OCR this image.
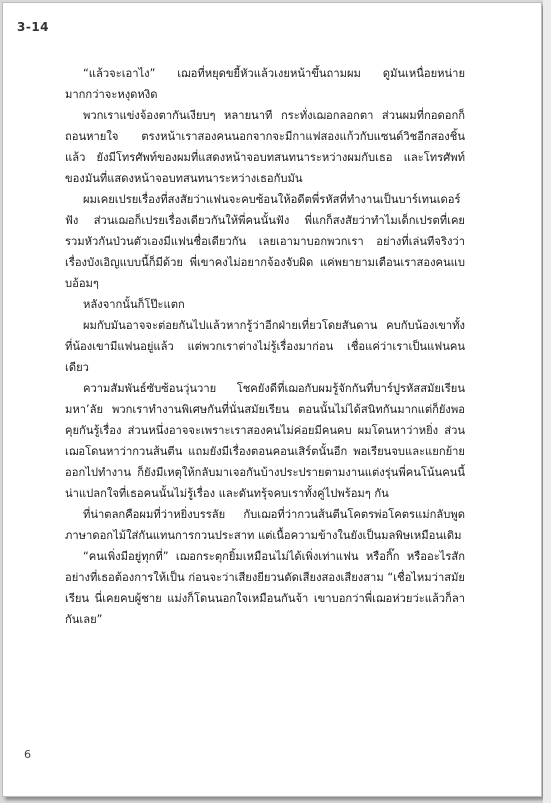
3-14

“แล้วจะเอาไง” เฌอที่หยุดขยี้หัวแล้วเงยหน้าขึ้นถามผม ดูมันเหนื่อยหน่ายมากกว่าจะหงุดหงิด

พวกเราแข่งจ้องตากันเงียบๆ หลายนาที กระทั่งเฌอกลอกตา ส่วนผมที่กอดอกก็ถอนหายใจ ตรงหน้าเราสองคนนอกจากจะมีกาแฟสองแก้วกับแซนด์วิชอีกสองชิ้นแล้ว ยังมีโทรศัพท์ของผมที่แสดงหน้าจอบทสนทนาระหว่างผมกับเธอ และโทรศัพท์ของมันที่แสดงหน้าจอบทสนทนาระหว่างเธอกับมัน

ผมเคยเปรยเรื่องที่สงสัยว่าแฟนจะคบซ้อนให้อดีตพี่รหัสที่ทำงานเป็นบาร์เทนเดอร์ฟัง ส่วนเฌอก็เปรยเรื่องเดียวกันให้พี่คนนั้นฟัง พี่แกก็สงสัยว่าทำไมเด็กเปรตที่เคยรวมหัวกันป่วนตัวเองมีแฟนชื่อเดียวกัน เลยเอามาบอกพวกเรา อย่างที่เล่นทีจริงว่าเรื่องบังเอิญแบบนี้ก็มีด้วย พี่เขาคงไม่อยากจ้องจับผิด แค่พยายามเตือนเราสองคนแบบอ้อมๆ

หลังจากนั้นก็โป๊ะแตก

ผมกับมันอาจจะต่อยกันไปแล้วหากรู้ว่าอีกฝ่ายเที่ยวโดยสันดาน คบกับน้องเขาทั้งที่น้องเขามีแฟนอยู่แล้ว แต่พวกเราต่างไม่รู้เรื่องมาก่อน เชื่อแค่ว่าเราเป็นแฟนคนเดียว

ความสัมพันธ์ซับซ้อนวุ่นวาย โชคยังดีที่เฌอกับผมรู้จักกันที่บาร์ปูรหัสสมัยเรียนมหา’ลัย พวกเราทำงานพิเศษกันที่นั่นสมัยเรียน ตอนนั้นไม่ได้สนิทกันมากแต่ก็ยังพอคุยกันรู้เรื่อง ส่วนหนึ่งอาจจะเพราะเราสองคนไม่ค่อยมีคนคบ ผมโดนหาว่าหยิ่ง ส่วนเฌอโดนหาว่ากวนส้นตีน แถมยังมีเรื่องตอนคอนเสิร์ตนั้นอีก พอเรียนจบและแยกย้ายออกไปทำงาน ก็ยังมีเหตุให้กลับมาเจอกันบ้างประปรายตามงานแต่งรุ่นพี่คนโน้นคนนี้ น่าแปลกใจที่เธอคนนั้นไม่รู้เรื่อง และดันทรุ้จคบเราทั้งคู่ไปพร้อมๆ กัน

ที่น่าตลกคือผมที่ว่าหยิ่งบรรลัย กับเฌอที่ว่ากวนส้นตีนโคตรพ่อโคตรแม่กลับพูดภาษาดอกไม้ใส่กันแทนการกวนประสาท แต่เนื้อความข้างในยังเป็นมลพิษเหมือนเดิม

“คนเพิ่งมีอยู่ทุกที่” เฌอกระตุกยิ้มเหมือนไม่ได้เพิ่งเท่าแฟน หรือกิ๊ก หรืออะไรสักอย่างที่เธอต้องการให้เป็น ก่อนจะว่าเสียงยียวนดัดเสียงสองเสียงสาม “เชื่อไหมว่าสมัยเรียน นี่เคยคบผู้ชาย แม่งก็โดนนอกใจเหมือนกันจ้า เขาบอกว่าพี่เฌอห่วยว่ะแล้วก็ลากันเลย”

6
